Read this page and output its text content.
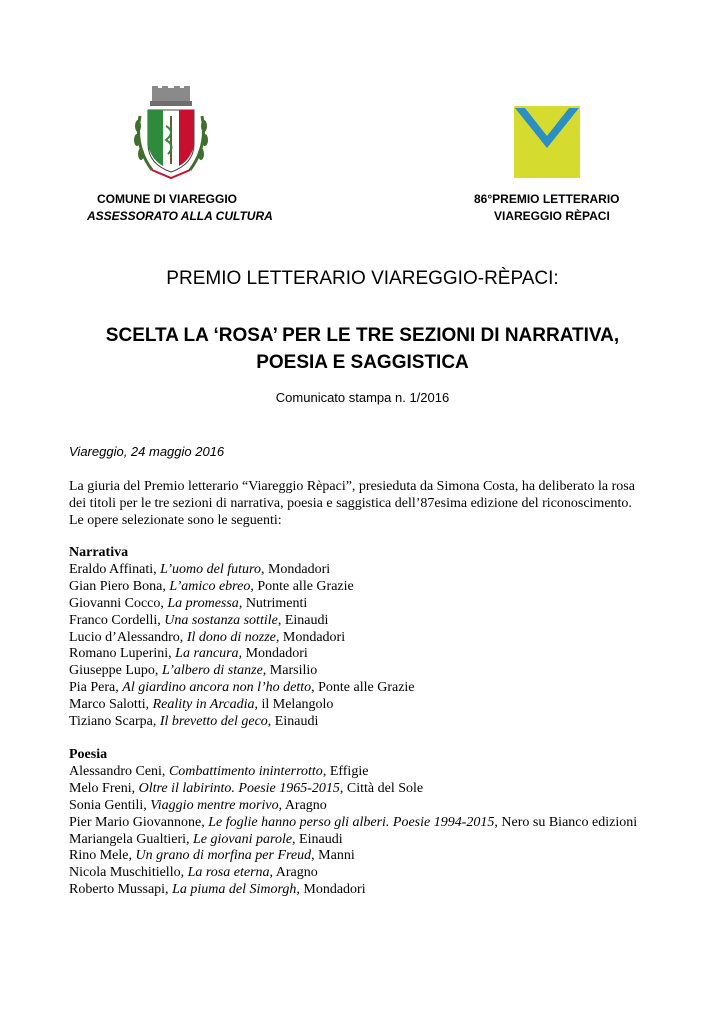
COMUNE DI VIAREGGIO
ASSESSORATO ALLA CULTURA
86°PREMIO LETTERARIO
VIAREGGIO RÈPACI
PREMIO LETTERARIO VIAREGGIO-RÈPACI:
SCELTA LA ‘ROSA’ PER LE TRE SEZIONI DI NARRATIVA,
POESIA E SAGGISTICA
Comunicato stampa n. 1/2016
Viareggio, 24 maggio 2016
La giuria del Premio letterario “Viareggio Rèpaci”, presieduta da Simona Costa, ha deliberato la rosa dei titoli per le tre sezioni di narrativa, poesia e saggistica dell’87esima edizione del riconoscimento. Le opere selezionate sono le seguenti:
Narrativa
Eraldo Affinati, L’uomo del futuro, Mondadori
Gian Piero Bona, L’amico ebreo, Ponte alle Grazie
Giovanni Cocco, La promessa, Nutrimenti
Franco Cordelli, Una sostanza sottile, Einaudi
Lucio d’Alessandro, Il dono di nozze, Mondadori
Romano Luperini, La rancura, Mondadori
Giuseppe Lupo, L’albero di stanze, Marsilio
Pia Pera, Al giardino ancora non l’ho detto, Ponte alle Grazie
Marco Salotti, Reality in Arcadia, il Melangolo
Tiziano Scarpa, Il brevetto del geco, Einaudi
Poesia
Alessandro Ceni, Combattimento ininterrotto, Effigie
Melo Freni, Oltre il labirinto. Poesie 1965-2015, Città del Sole
Sonia Gentili, Viaggio mentre morivo, Aragno
Pier Mario Giovannone, Le foglie hanno perso gli alberi. Poesie 1994-2015, Nero su Bianco edizioni
Mariangela Gualtieri, Le giovani parole, Einaudi
Rino Mele, Un grano di morfina per Freud, Manni
Nicola Muschitiello, La rosa eterna, Aragno
Roberto Mussapi, La piuma del Simorgh, Mondadori
